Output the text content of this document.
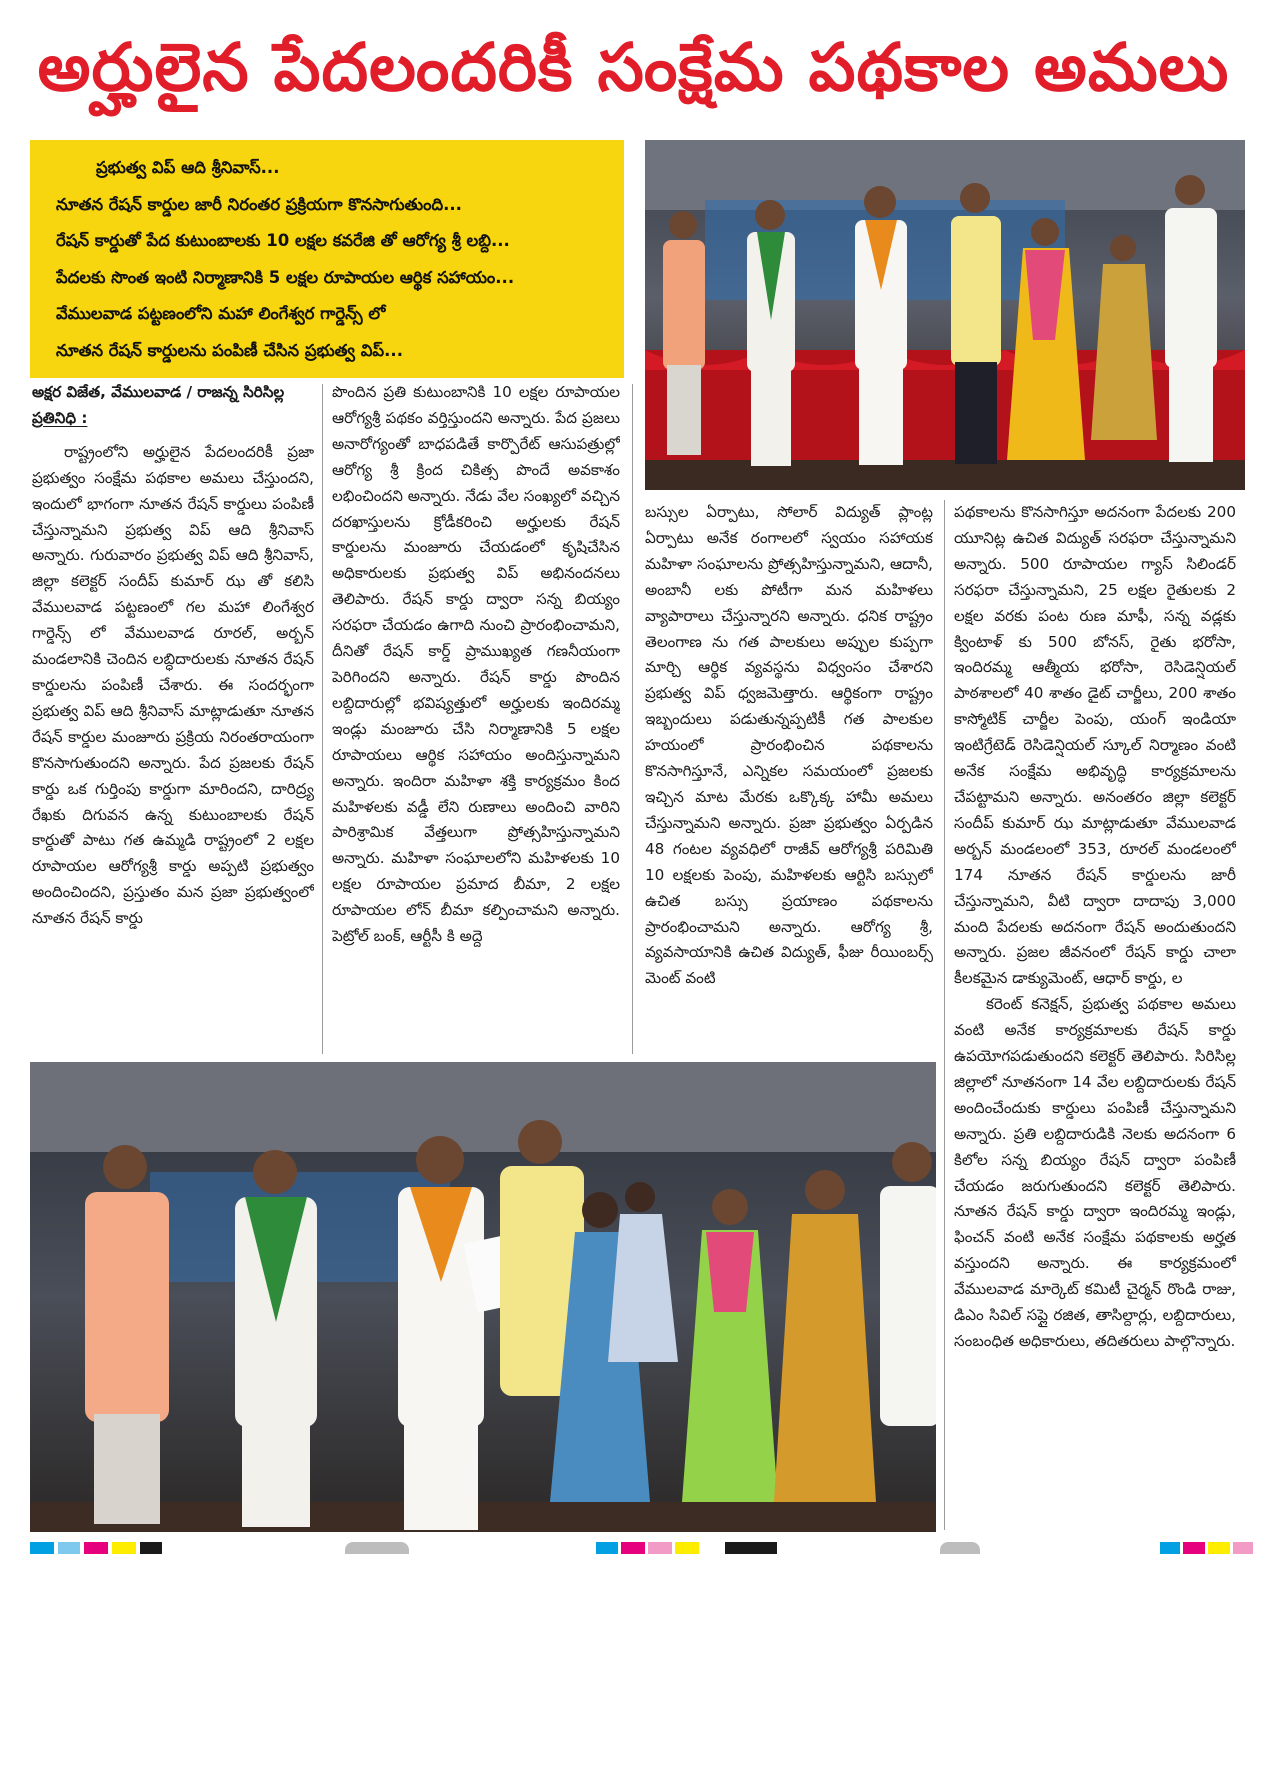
అర్హులైన పేదలందరికీ సంక్షేమ పథకాల అమలు
ప్రభుత్వ విప్ ఆది శ్రీనివాస్...
నూతన రేషన్ కార్డుల జారీ నిరంతర ప్రక్రియగా కొనసాగుతుంది...
రేషన్ కార్డుతో పేద కుటుంబాలకు 10 లక్షల కవరేజి తో ఆరోగ్య శ్రీ లబ్ది...
పేదలకు సొంత ఇంటి నిర్మాణానికి 5 లక్షల రూపాయల ఆర్థిక సహాయం...
వేములవాడ పట్టణంలోని మహా లింగేశ్వర గార్డెన్స్ లో
నూతన రేషన్ కార్డులను పంపిణీ చేసిన ప్రభుత్వ విప్...
అక్షర విజేత, వేములవాడ / రాజన్న సిరిసిల్ల
ప్రతినిధి :

రాష్ట్రంలోని అర్హులైన పేదలందరికీ ప్రజా ప్రభుత్వం సంక్షేమ పథకాల అమలు చేస్తుందని, ఇందులో భాగంగా నూతన రేషన్ కార్డులు పంపిణీ చేస్తున్నామని ప్రభుత్వ విప్ ఆది శ్రీనివాస్ అన్నారు. గురువారం ప్రభుత్వ విప్ ఆది శ్రీనివాస్, జిల్లా కలెక్టర్ సందీప్ కుమార్ ఝ తో కలిసి వేములవాడ పట్టణంలో గల మహా లింగేశ్వర గార్డెన్స్ లో వేములవాడ రూరల్, అర్బన్ మండలానికి చెందిన లబ్ధిదారులకు నూతన రేషన్ కార్డులను పంపిణీ చేశారు. ఈ సందర్భంగా ప్రభుత్వ విప్ ఆది శ్రీనివాస్ మాట్లాడుతూ నూతన రేషన్ కార్డుల మంజూరు ప్రక్రియ నిరంతరాయంగా కొనసాగుతుందని అన్నారు. పేద ప్రజలకు రేషన్ కార్డు ఒక గుర్తింపు కార్డుగా మారిందని, దారిద్ర్య రేఖకు దిగువన ఉన్న కుటుంబాలకు రేషన్ కార్డుతో పాటు గత ఉమ్మడి రాష్ట్రంలో 2 లక్షల రూపాయల ఆరోగ్యశ్రీ కార్డు అప్పటి ప్రభుత్వం అందించిందని, ప్రస్తుతం మన ప్రజా ప్రభుత్వంలో నూతన రేషన్ కార్డు

పొందిన ప్రతి కుటుంబానికి 10 లక్షల రూపాయల ఆరోగ్యశ్రీ పథకం వర్తిస్తుందని అన్నారు. పేద ప్రజలు అనారోగ్యంతో బాధపడితే కార్పొరేట్ ఆసుపత్రుల్లో ఆరోగ్య శ్రీ క్రింద చికిత్స పొందే అవకాశం లభించిందని అన్నారు. నేడు వేల సంఖ్యలో వచ్చిన దరఖాస్తులను క్రోడీకరించి అర్హులకు రేషన్ కార్డులను మంజూరు చేయడంలో కృషిచేసిన అధికారులకు ప్రభుత్వ విప్ అభినందనలు తెలిపారు. రేషన్ కార్డు ద్వారా సన్న బియ్యం సరఫరా చేయడం ఉగాది నుంచి ప్రారంభించామని, దీనితో రేషన్ కార్డ్ ప్రాముఖ్యత గణనీయంగా పెరిగిందని అన్నారు. రేషన్ కార్డు పొందిన లబ్దిదారుల్లో భవిష్యత్తులో అర్హులకు ఇందిరమ్మ ఇండ్లు మంజూరు చేసి నిర్మాణానికి 5 లక్షల రూపాయలు ఆర్థిక సహాయం అందిస్తున్నామని అన్నారు. ఇందిరా మహిళా శక్తి కార్యక్రమం కింద మహిళలకు వడ్డీ లేని రుణాలు అందించి వారిని పారిశ్రామిక వేత్తలుగా ప్రోత్సహిస్తున్నామని అన్నారు. మహిళా సంఘాలలోని మహిళలకు 10 లక్షల రూపాయల ప్రమాద బీమా, 2 లక్షల రూపాయల లోన్ బీమా కల్పించామని అన్నారు. పెట్రోల్ బంక్, ఆర్టీసీ కి అద్దె

బస్సుల ఏర్పాటు, సోలార్ విద్యుత్ ప్లాంట్ల ఏర్పాటు అనేక రంగాలలో స్వయం సహాయక మహిళా సంఘాలను ప్రోత్సహిస్తున్నామని, ఆదానీ, అంబానీ లకు పోటీగా మన మహిళలు వ్యాపారాలు చేస్తున్నారని అన్నారు. ధనిక రాష్ట్రం తెలంగాణ ను గత పాలకులు అప్పుల కుప్పగా మార్చి ఆర్థిక వ్యవస్థను విధ్వంసం చేశారని ప్రభుత్వ విప్ ధ్వజమెత్తారు. ఆర్థికంగా రాష్ట్రం ఇబ్బందులు పడుతున్నప్పటికీ గత పాలకుల హయంలో ప్రారంభించిన పథకాలను కొనసాగిస్తూనే, ఎన్నికల సమయంలో ప్రజలకు ఇచ్చిన మాట మేరకు ఒక్కొక్క హామీ అమలు చేస్తున్నామని అన్నారు. ప్రజా ప్రభుత్వం ఏర్పడిన 48 గంటల వ్యవధిలో రాజీవ్ ఆరోగ్యశ్రీ పరిమితి 10 లక్షలకు పెంపు, మహిళలకు ఆర్టిసి బస్సులో ఉచిత బస్సు ప్రయాణం పథకాలను ప్రారంభించామని అన్నారు. ఆరోగ్య శ్రీ, వ్యవసాయానికి ఉచిత విద్యుత్, ఫీజు రీయింబర్స్ మెంట్ వంటి

పథకాలను కొనసాగిస్తూ అదనంగా పేదలకు 200 యూనిట్ల ఉచిత విద్యుత్ సరఫరా చేస్తున్నామని అన్నారు. 500 రూపాయల గ్యాస్ సిలిండర్ సరఫరా చేస్తున్నామని, 25 లక్షల రైతులకు 2 లక్షల వరకు పంట రుణ మాఫీ, సన్న వడ్లకు క్వింటాళ్ కు 500 బోనస్, రైతు భరోసా, ఇందిరమ్మ ఆత్మీయ భరోసా, రెసిడెన్షియల్ పాఠశాలలో 40 శాతం డైట్ చార్జీలు, 200 శాతం కాస్మోటిక్ చార్జీల పెంపు, యంగ్ ఇండియా ఇంటిగ్రేటెడ్ రెసిడెన్షియల్ స్కూల్ నిర్మాణం వంటి అనేక సంక్షేమ అభివృద్ధి కార్యక్రమాలను చేపట్టామని అన్నారు. అనంతరం జిల్లా కలెక్టర్ సందీప్ కుమార్ ఝ మాట్లాడుతూ వేములవాడ అర్బన్ మండలంలో 353, రూరల్ మండలంలో 174 నూతన రేషన్ కార్డులను జారీ చేస్తున్నామని, వీటి ద్వారా దాదాపు 3,000 మంది పేదలకు అదనంగా రేషన్ అందుతుందని అన్నారు. ప్రజల జీవనంలో రేషన్ కార్డు చాలా కీలకమైన డాక్యుమెంట్, ఆధార్ కార్డు, ల

కరెంట్ కనెక్షన్, ప్రభుత్వ పథకాల అమలు వంటి అనేక కార్యక్రమాలకు రేషన్ కార్డు ఉపయోగపడుతుందని కలెక్టర్ తెలిపారు. సిరిసిల్ల జిల్లాలో నూతనంగా 14 వేల లబ్దిదారులకు రేషన్ అందించేందుకు కార్డులు పంపిణీ చేస్తున్నామని అన్నారు. ప్రతి లబ్దిదారుడికి నెలకు అదనంగా 6 కిలోల సన్న బియ్యం రేషన్ ద్వారా పంపిణీ చేయడం జరుగుతుందని కలెక్టర్ తెలిపారు. నూతన రేషన్ కార్డు ద్వారా ఇందిరమ్మ ఇండ్లు, ఫించన్ వంటి అనేక సంక్షేమ పథకాలకు అర్హత వస్తుందని అన్నారు. ఈ కార్యక్రమంలో వేములవాడ మార్కెట్ కమిటీ చైర్మన్ రొండి రాజు, డిఎం సివిల్ సప్లై రజిత, తాసిల్దార్లు, లబ్దిదారులు, సంబంధిత అధికారులు, తదితరులు పాల్గొన్నారు.
